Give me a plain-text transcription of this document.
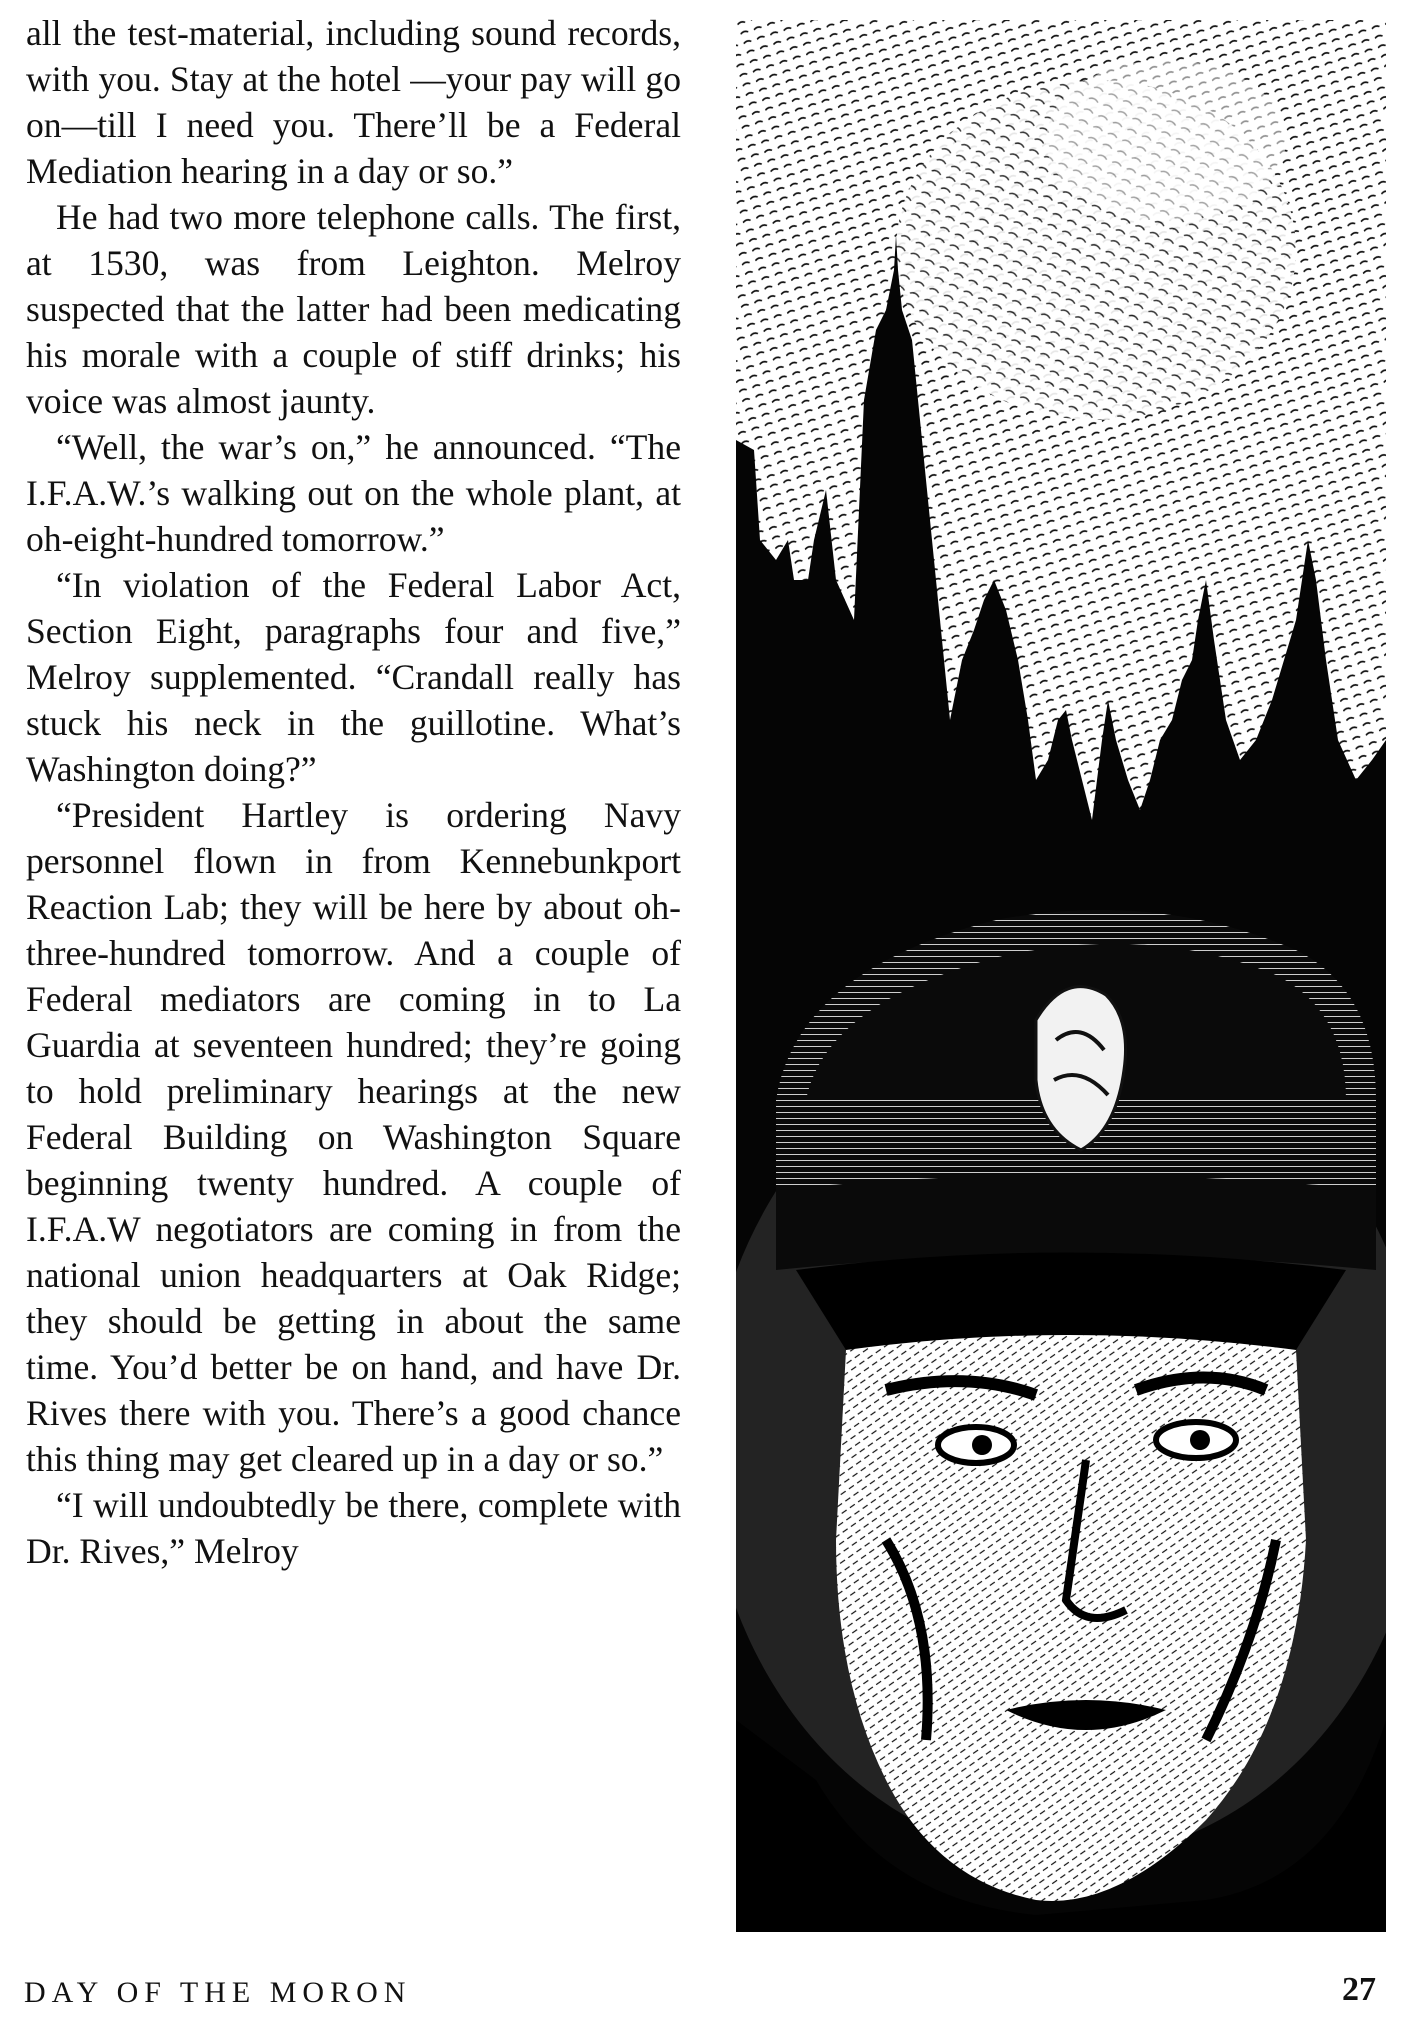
all the test-material, including sound records, with you. Stay at the hotel —your pay will go on—till I need you. There’ll be a Federal Mediation hearing in a day or so.”

He had two more telephone calls. The first, at 1530, was from Leighton. Melroy suspected that the latter had been medicating his morale with a couple of stiff drinks; his voice was almost jaunty.

“Well, the war’s on,” he announced. “The I.F.A.W.’s walking out on the whole plant, at oh-eight-hundred tomorrow.”

“In violation of the Federal Labor Act, Section Eight, paragraphs four and five,” Melroy supplemented. “Crandall really has stuck his neck in the guillotine. What’s Washington doing?”

“President Hartley is ordering Navy personnel flown in from Kennebunkport Reaction Lab; they will be here by about oh-three-hundred tomorrow. And a couple of Federal mediators are coming in to La Guardia at seventeen hundred; they’re going to hold preliminary hearings at the new Federal Building on Washington Square beginning twenty hundred. A couple of I.F.A.W negotiators are coming in from the national union headquarters at Oak Ridge; they should be getting in about the same time. You’d better be on hand, and have Dr. Rives there with you. There’s a good chance this thing may get cleared up in a day or so.”

“I will undoubtedly be there, complete with Dr. Rives,” Melroy

DAY OF THE MORON	27
